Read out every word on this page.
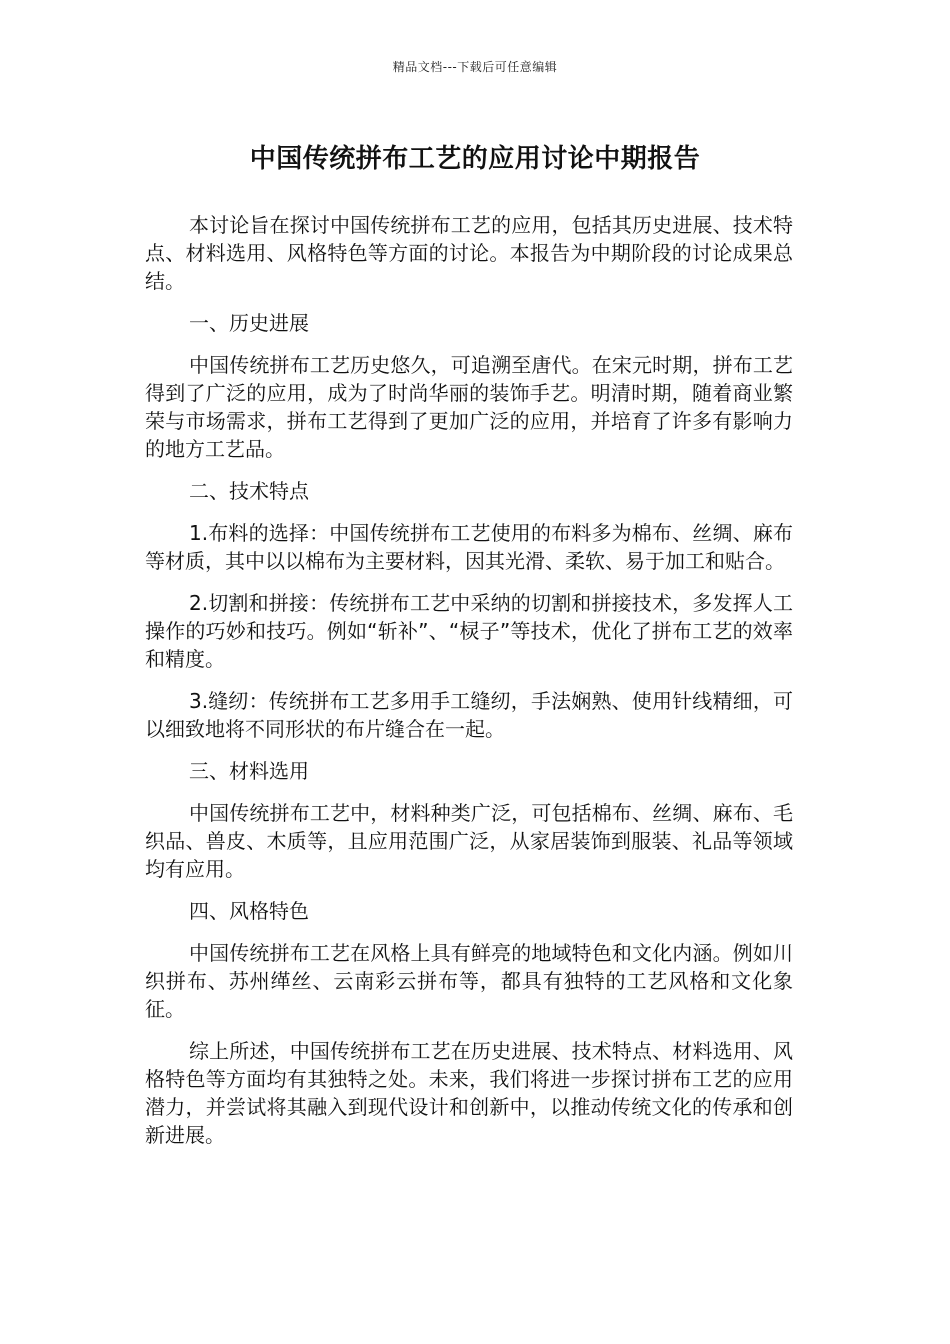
精品文档---下载后可任意编辑
中国传统拼布工艺的应用讨论中期报告

本讨论旨在探讨中国传统拼布工艺的应用，包括其历史进展、技术特点、材料选用、风格特色等方面的讨论。本报告为中期阶段的讨论成果总结。

一、历史进展

中国传统拼布工艺历史悠久，可追溯至唐代。在宋元时期，拼布工艺得到了广泛的应用，成为了时尚华丽的装饰手艺。明清时期，随着商业繁荣与市场需求，拼布工艺得到了更加广泛的应用，并培育了许多有影响力的地方工艺品。

二、技术特点

1.布料的选择：中国传统拼布工艺使用的布料多为棉布、丝绸、麻布等材质，其中以以棉布为主要材料，因其光滑、柔软、易于加工和贴合。

2.切割和拼接：传统拼布工艺中采纳的切割和拼接技术，多发挥人工操作的巧妙和技巧。例如“斩补”、“棂子”等技术，优化了拼布工艺的效率和精度。

3.缝纫：传统拼布工艺多用手工缝纫，手法娴熟、使用针线精细，可以细致地将不同形状的布片缝合在一起。

三、材料选用

中国传统拼布工艺中，材料种类广泛，可包括棉布、丝绸、麻布、毛织品、兽皮、木质等，且应用范围广泛，从家居装饰到服装、礼品等领域均有应用。

四、风格特色

中国传统拼布工艺在风格上具有鲜亮的地域特色和文化内涵。例如川织拼布、苏州缂丝、云南彩云拼布等，都具有独特的工艺风格和文化象征。

综上所述，中国传统拼布工艺在历史进展、技术特点、材料选用、风格特色等方面均有其独特之处。未来，我们将进一步探讨拼布工艺的应用潜力，并尝试将其融入到现代设计和创新中，以推动传统文化的传承和创新进展。
